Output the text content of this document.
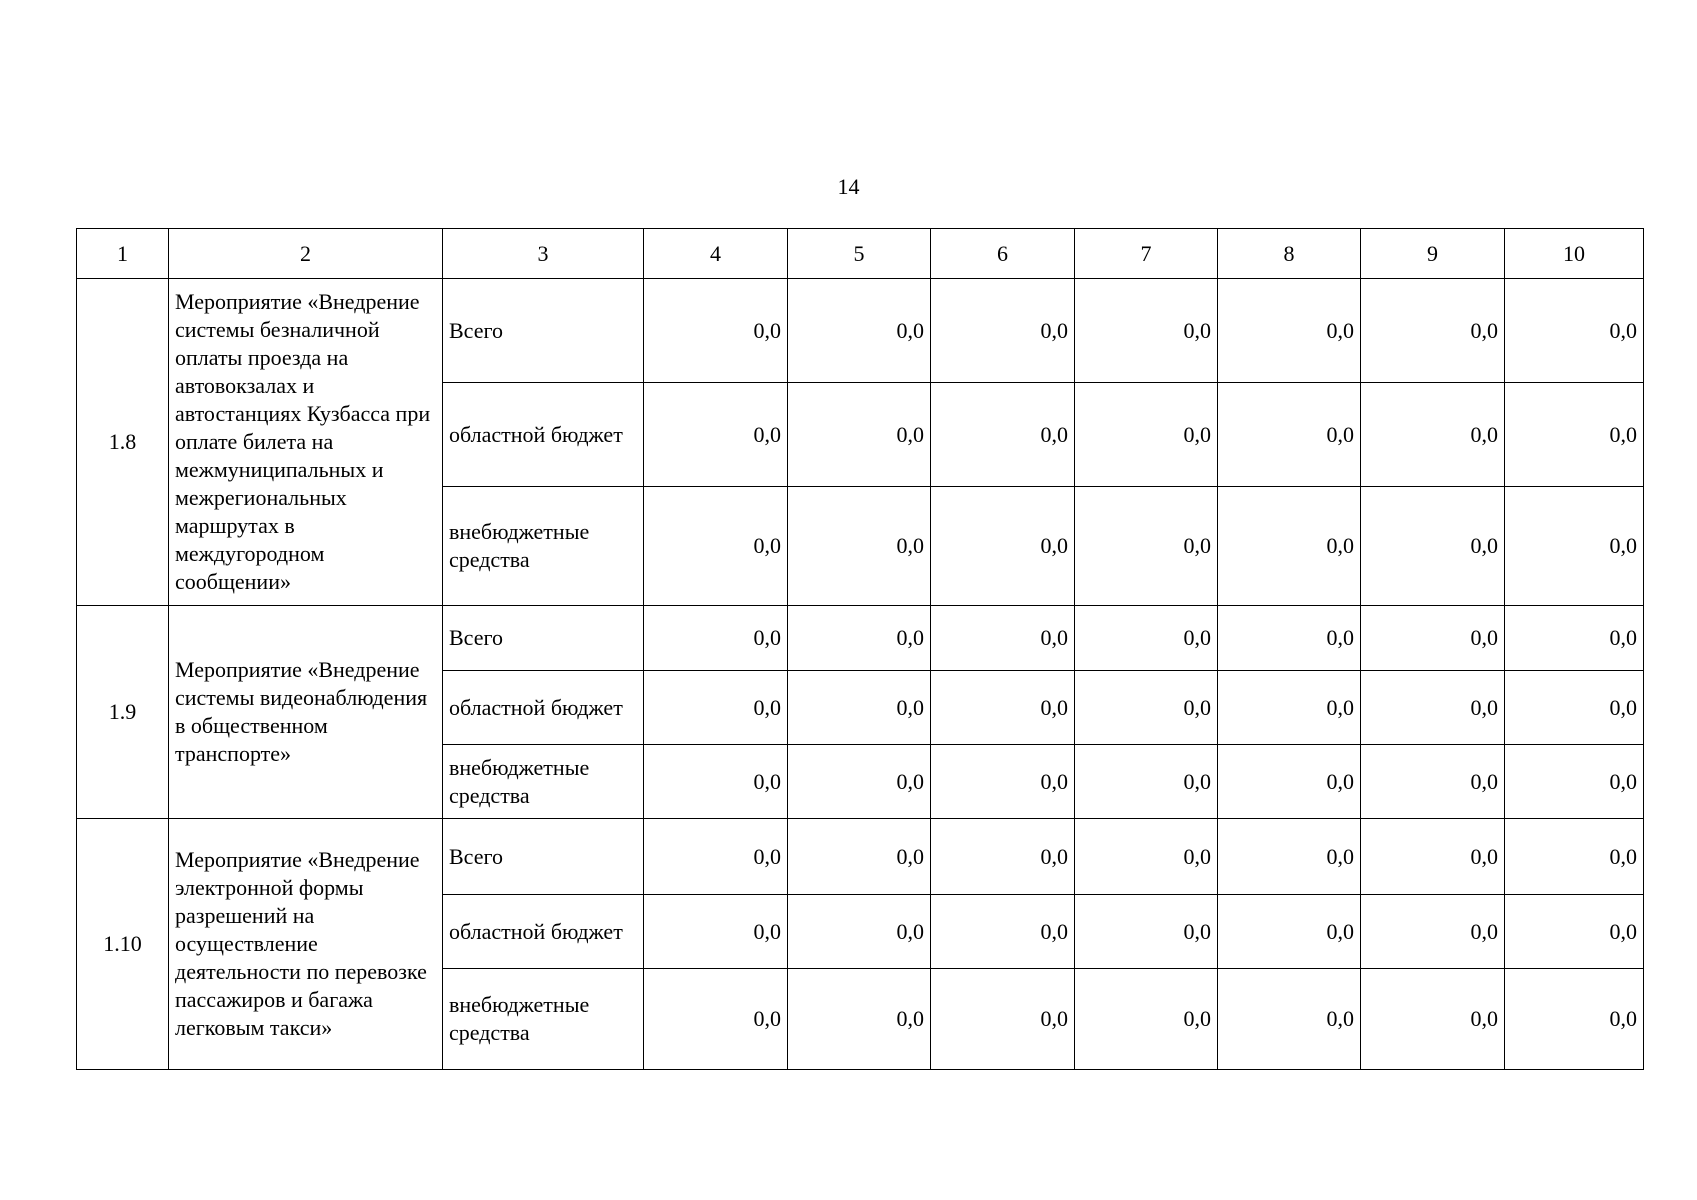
14
1	2	3	4	5	6	7	8	9	10
1.8	Мероприятие «Внедрение системы безналичной оплаты проезда на автовокзалах и автостанциях Кузбасса при оплате билета на межмуниципальных и межрегиональных маршрутах в междугородном сообщении»	Всего	0,0	0,0	0,0	0,0	0,0	0,0	0,0
		областной бюджет	0,0	0,0	0,0	0,0	0,0	0,0	0,0
		внебюджетные средства	0,0	0,0	0,0	0,0	0,0	0,0	0,0
1.9	Мероприятие «Внедрение системы видеонаблюдения в общественном транспорте»	Всего	0,0	0,0	0,0	0,0	0,0	0,0	0,0
		областной бюджет	0,0	0,0	0,0	0,0	0,0	0,0	0,0
		внебюджетные средства	0,0	0,0	0,0	0,0	0,0	0,0	0,0
1.10	Мероприятие «Внедрение электронной формы разрешений на осуществление деятельности по перевозке пассажиров и багажа легковым такси»	Всего	0,0	0,0	0,0	0,0	0,0	0,0	0,0
		областной бюджет	0,0	0,0	0,0	0,0	0,0	0,0	0,0
		внебюджетные средства	0,0	0,0	0,0	0,0	0,0	0,0	0,0
